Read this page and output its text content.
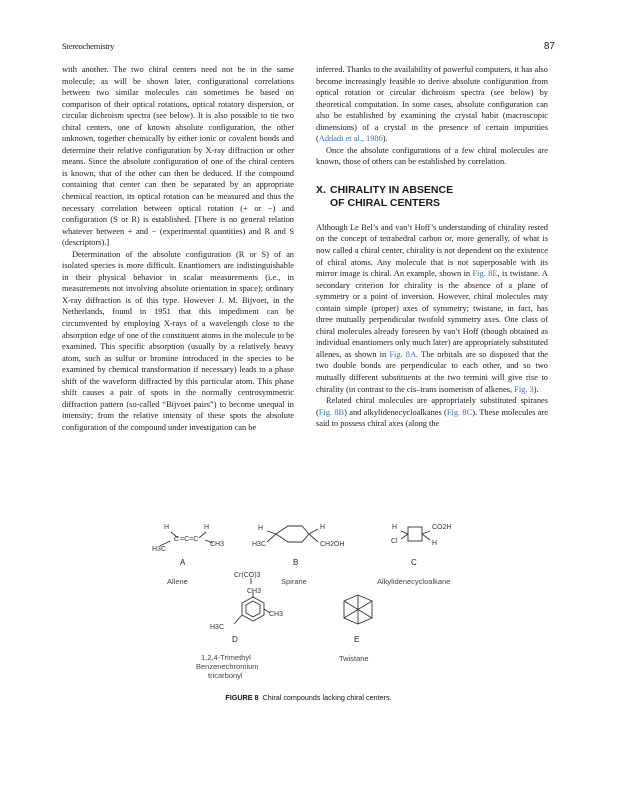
Stereochemistry	87

with another. The two chiral centers need not be in the same molecule; as will be shown later, configurational correlations between two similar molecules can sometimes be based on comparison of their optical rotations, optical rotatory dispersion, or circular dichroism spectra (see below). It is also possible to tie two chiral centers, one of known absolute configuration, the other unknown, together chemically by either ionic or covalent bonds and determine their relative configuration by X-ray diffraction or other means. Since the absolute configuration of one of the chiral centers is known, that of the other can then be deduced. If the compound containing that center can then be separated by an appropriate chemical reaction, its optical rotation can be measured and thus the necessary correlation between optical rotation (+ or −) and configuration (S or R) is established. [There is no general relation whatever between + and − (experimental quantities) and R and S (descriptors).]

Determination of the absolute configuration (R or S) of an isolated species is more difficult. Enantiomers are indistinguishable in their physical behavior in scalar measurements (i.e., in measurements not involving absolute orientation in space); ordinary X-ray diffraction is of this type. However J. M. Bijvoet, in the Netherlands, found in 1951 that this impediment can be circumvented by employing X-rays of a wavelength close to the absorption edge of one of the constituent atoms in the molecule to be examined. This specific absorption (usually by a relatively heavy atom, such as sulfur or bromine introduced in the species to be examined by chemical transformation if necessary) leads to a phase shift of the waveform diffracted by this particular atom. This phase shift causes a pair of spots in the normally centrosymmetric diffraction pattern (so-called “Bijvoet pairs”) to become unequal in intensity; from the relative intensity of these spots the absolute configuration of the compound under investigation can be

inferred. Thanks to the availability of powerful computers, it has also become increasingly feasible to derive absolute configuration from optical rotation or circular dichroism spectra (see below) by theoretical computation. In some cases, absolute configuration can also be established by examining the crystal habit (macroscopic dimensions) of a crystal in the presence of certain impurities (Addadi et al., 1986).

Once the absolute configurations of a few chiral molecules are known, those of others can be established by correlation.

X. CHIRALITY IN ABSENCE
OF CHIRAL CENTERS

Although Le Bel’s and van’t Hoff’s understanding of chirality rested on the concept of tetrahedral carbon or, more generally, of what is now called a chiral center, chirality is not dependent on the existence of chiral atoms. Any molecule that is not superposable with its mirror image is chiral. An example, shown in Fig. 8E, is twistane. A secondary criterion for chirality is the absence of a plane of symmetry or a point of inversion. However, chiral molecules may contain simple (proper) axes of symmetry; twistane, in fact, has three mutually perpendicular twofold symmetry axes. One class of chiral molecules already foreseen by van’t Hoff (though obtained as individual enantiomers only much later) are appropriately substituted allenes, as shown in Fig. 8A. The orbitals are so disposed that the two double bonds are perpendicular to each other, and so two mutually different substituents at the two termini will give rise to chirality (in contrast to the cis–trans isomerism of alkenes, Fig. 3).

Related chiral molecules are appropriately substituted spiranes (Fig. 8B) and alkylidenecycloalkanes (Fig. 8C). These molecules are said to possess chiral axes (along the

H
C =C=C
H
H3C
CH3
A
Allene
H
H3C
H
CH2OH
B
Spirane
H
Cl
CO2H
H
C
Alkylidenecycloalkane
Cr(CO)3
CH3
CH3
H3C
D
1,2,4-Trimethyl
Benzenechromium
tricarbonyl
E
Twistane
FIGURE 8 Chiral compounds lacking chiral centers.
